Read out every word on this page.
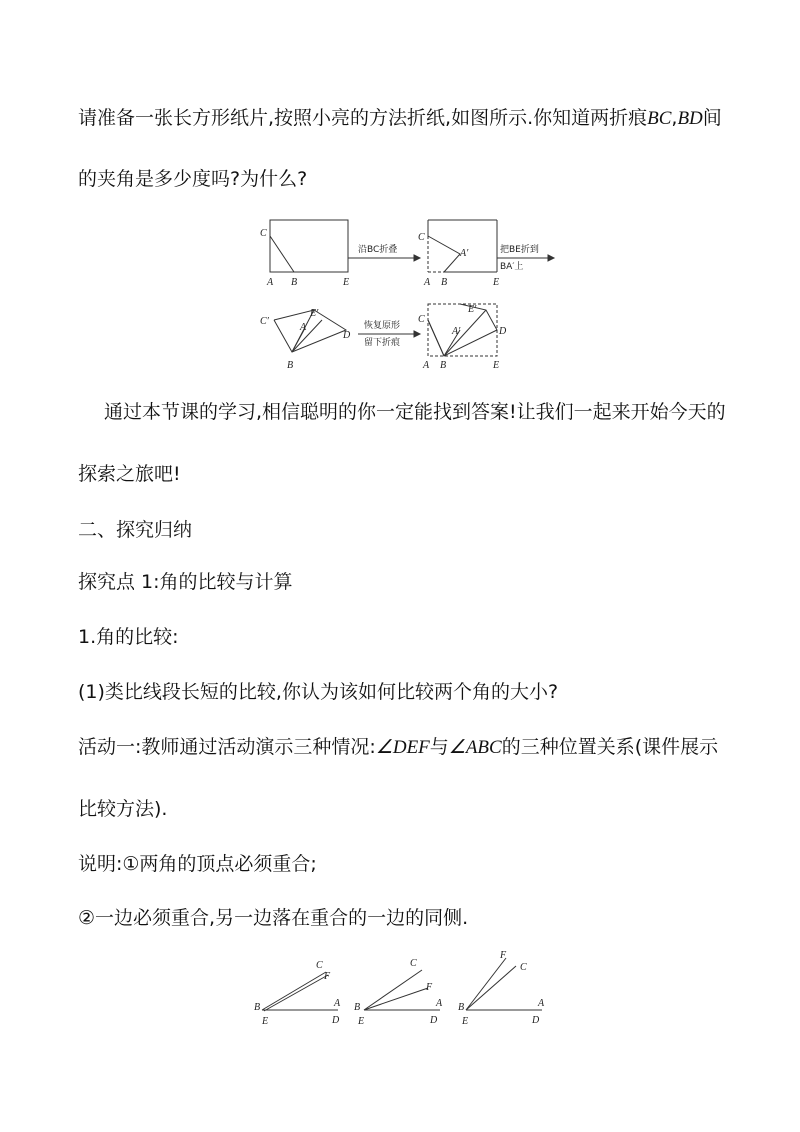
请准备一张长方形纸片,按照小亮的方法折纸,如图所示.你知道两折痕BC,BD间
的夹角是多少度吗?为什么?
C
A B	E
沿BC折叠
C
A′
A B	E
把BE折到
BA′上
C′
E′
A
D
B
恢复原形
留下折痕
C
E′
A′	D
A B	E
通过本节课的学习,相信聪明的你一定能找到答案!让我们一起来开始今天的
探索之旅吧!
二、探究归纳
探究点 1:角的比较与计算
1.角的比较:
(1)类比线段长短的比较,你认为该如何比较两个角的大小?
活动一:教师通过活动演示三种情况:∠DEF与∠ABC的三种位置关系(课件展示
比较方法).
说明:①两角的顶点必须重合;
②一边必须重合,另一边落在重合的一边的同侧.
C
F
B
E
A
D
C
F
B
E
A
D
F
C
B
E
A
D
